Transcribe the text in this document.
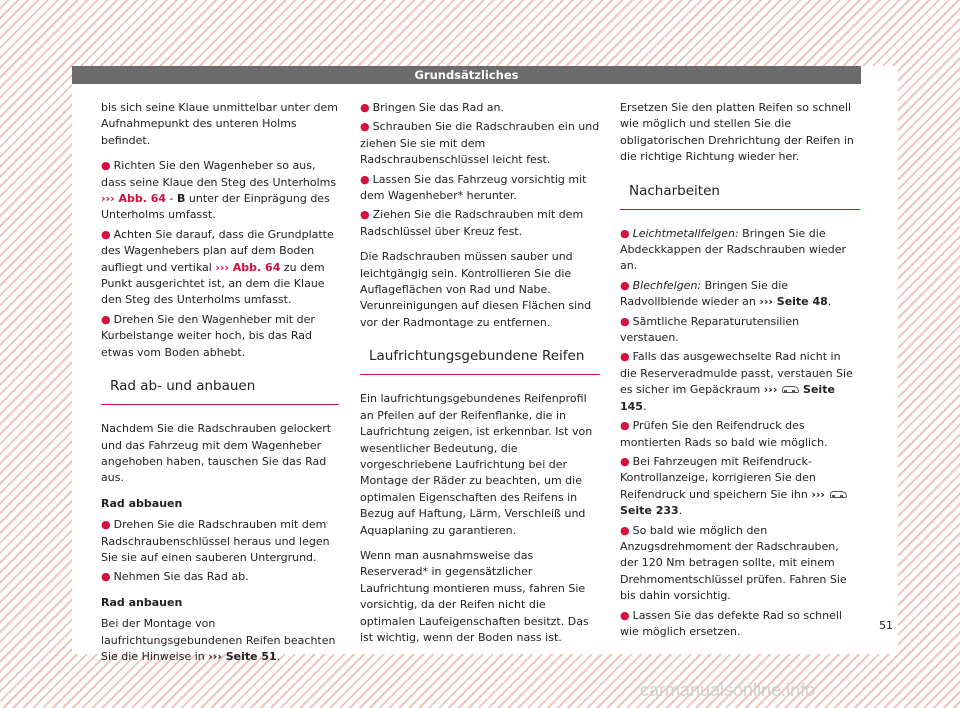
Grundsätzliches

bis sich seine Klaue unmittelbar unter dem Aufnahmepunkt des unteren Holms befindet.

● Richten Sie den Wagenheber so aus, dass seine Klaue den Steg des Unterholms ››› Abb. 64 - B unter der Einprägung des Unterholms umfasst.

● Achten Sie darauf, dass die Grundplatte des Wagenhebers plan auf dem Boden aufliegt und vertikal ››› Abb. 64 zu dem Punkt ausgerichtet ist, an dem die Klaue den Steg des Unterholms umfasst.

● Drehen Sie den Wagenheber mit der Kurbelstange weiter hoch, bis das Rad etwas vom Boden abhebt.

Rad ab- und anbauen

Nachdem Sie die Radschrauben gelockert und das Fahrzeug mit dem Wagenheber angehoben haben, tauschen Sie das Rad aus.

Rad abbauen

● Drehen Sie die Radschrauben mit dem Radschraubenschlüssel heraus und legen Sie sie auf einen sauberen Untergrund.

● Nehmen Sie das Rad ab.

Rad anbauen

Bei der Montage von laufrichtungsgebundenen Reifen beachten Sie die Hinweise in ››› Seite 51.

● Bringen Sie das Rad an.

● Schrauben Sie die Radschrauben ein und ziehen Sie sie mit dem Radschraubenschlüssel leicht fest.

● Lassen Sie das Fahrzeug vorsichtig mit dem Wagenheber* herunter.

● Ziehen Sie die Radschrauben mit dem Radschlüssel über Kreuz fest.

Die Radschrauben müssen sauber und leichtgängig sein. Kontrollieren Sie die Auflageflächen von Rad und Nabe. Verunreinigungen auf diesen Flächen sind vor der Radmontage zu entfernen.

Laufrichtungsgebundene Reifen

Ein laufrichtungsgebundenes Reifenprofil an Pfeilen auf der Reifenflanke, die in Laufrichtung zeigen, ist erkennbar. Ist von wesentlicher Bedeutung, die vorgeschriebene Laufrichtung bei der Montage der Räder zu beachten, um die optimalen Eigenschaften des Reifens in Bezug auf Haftung, Lärm, Verschleiß und Aquaplaning zu garantieren.

Wenn man ausnahmsweise das Reserverad* in gegensätzlicher Laufrichtung montieren muss, fahren Sie vorsichtig, da der Reifen nicht die optimalen Laufeigenschaften besitzt. Das ist wichtig, wenn der Boden nass ist.

Ersetzen Sie den platten Reifen so schnell wie möglich und stellen Sie die obligatorischen Drehrichtung der Reifen in die richtige Richtung wieder her.

Nacharbeiten

● Leichtmetallfelgen: Bringen Sie die Abdeckkappen der Radschrauben wieder an.

● Blechfelgen: Bringen Sie die Radvollblende wieder an ››› Seite 48.

● Sämtliche Reparaturutensilien verstauen.

● Falls das ausgewechselte Rad nicht in die Reserveradmulde passt, verstauen Sie es sicher im Gepäckraum ››› Seite 145.

● Prüfen Sie den Reifendruck des montierten Rads so bald wie möglich.

● Bei Fahrzeugen mit Reifendruck-Kontrollanzeige, korrigieren Sie den Reifendruck und speichern Sie ihn ›››  Seite 233.

● So bald wie möglich den Anzugsdrehmoment der Radschrauben, der 120 Nm betragen sollte, mit einem Drehmomentschlüssel prüfen. Fahren Sie bis dahin vorsichtig.

● Lassen Sie das defekte Rad so schnell wie möglich ersetzen.	51
carmanualsonline.info
